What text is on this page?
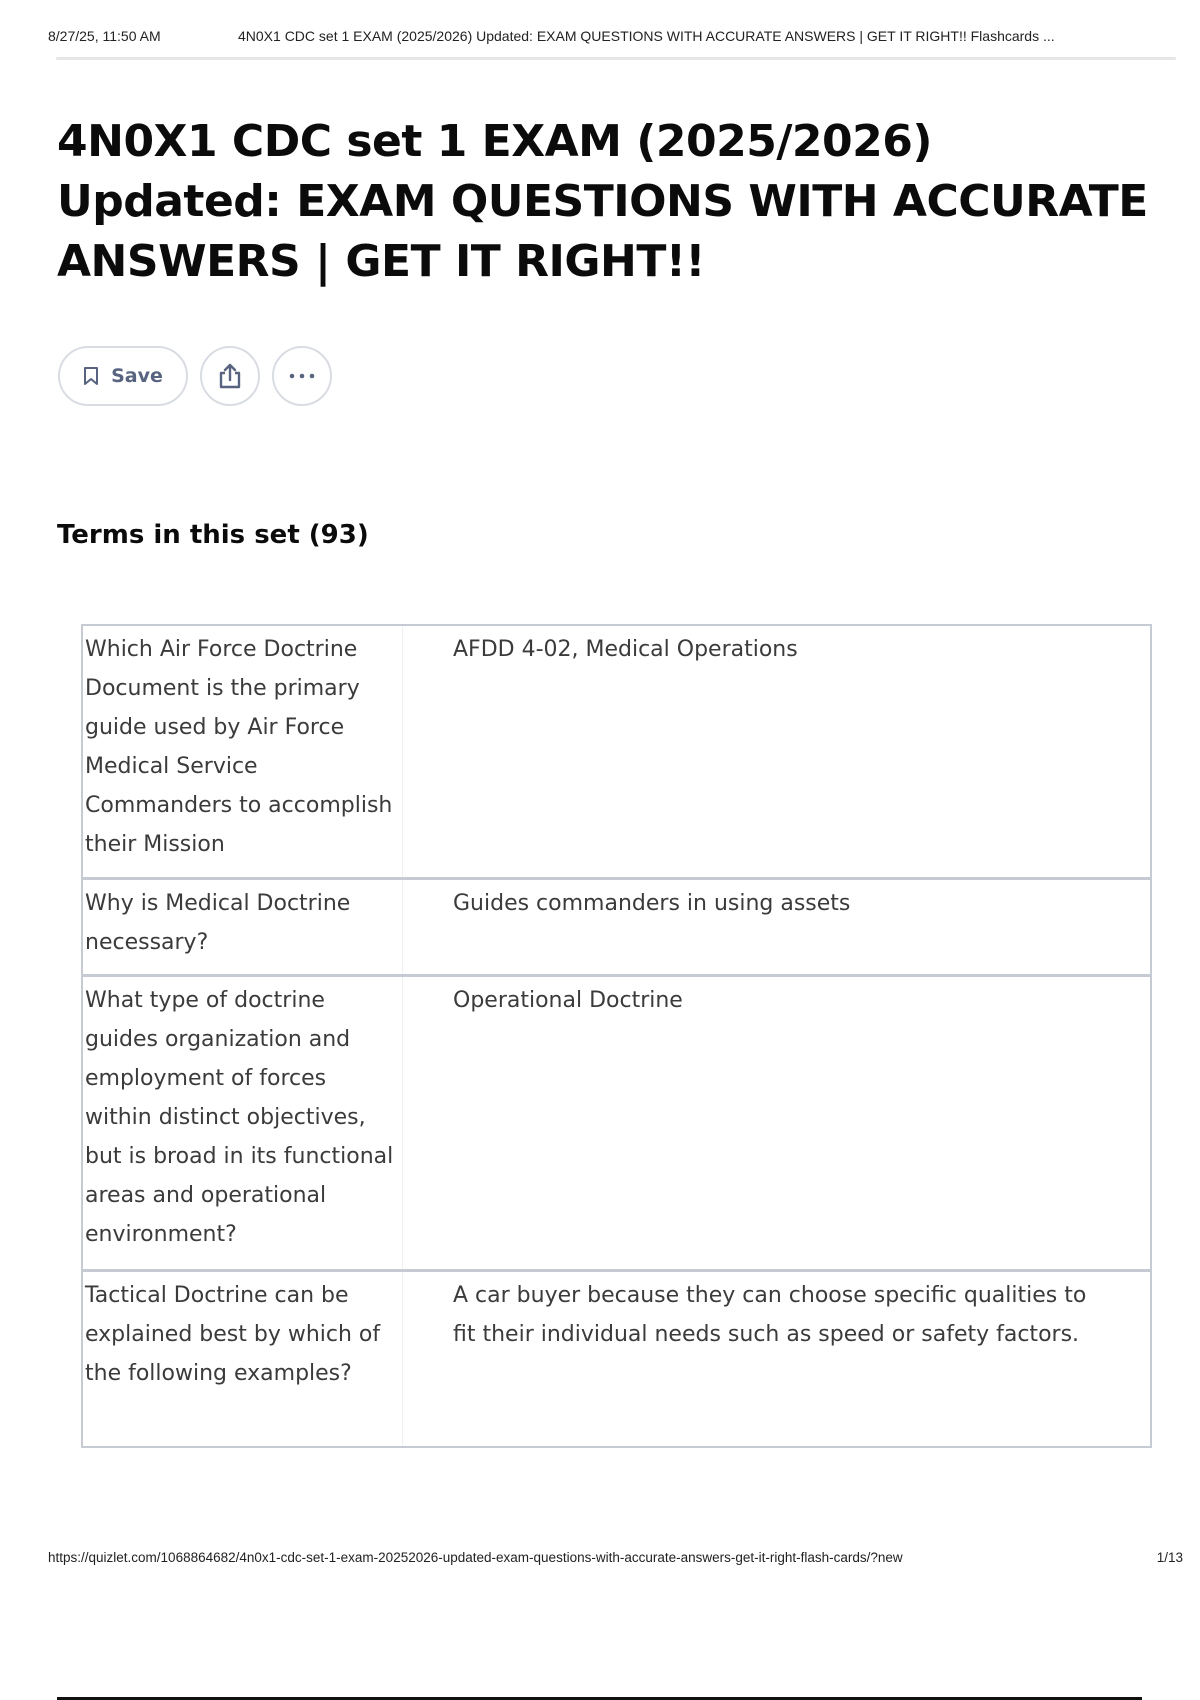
8/27/25, 11:50 AM	4N0X1 CDC set 1 EXAM (2025/2026) Updated: EXAM QUESTIONS WITH ACCURATE ANSWERS | GET IT RIGHT!! Flashcards ...
4N0X1 CDC set 1 EXAM (2025/2026) Updated: EXAM QUESTIONS WITH ACCURATE ANSWERS | GET IT RIGHT!!
Save
Terms in this set (93)
Which Air Force Doctrine Document is the primary guide used by Air Force Medical Service Commanders to accomplish their Mission
AFDD 4-02, Medical Operations
Why is Medical Doctrine necessary?
Guides commanders in using assets
What type of doctrine guides organization and employment of forces within distinct objectives, but is broad in its functional areas and operational environment?
Operational Doctrine
Tactical Doctrine can be explained best by which of the following examples?
A car buyer because they can choose specific qualities to fit their individual needs such as speed or safety factors.
https://quizlet.com/1068864682/4n0x1-cdc-set-1-exam-20252026-updated-exam-questions-with-accurate-answers-get-it-right-flash-cards/?new	1/13
